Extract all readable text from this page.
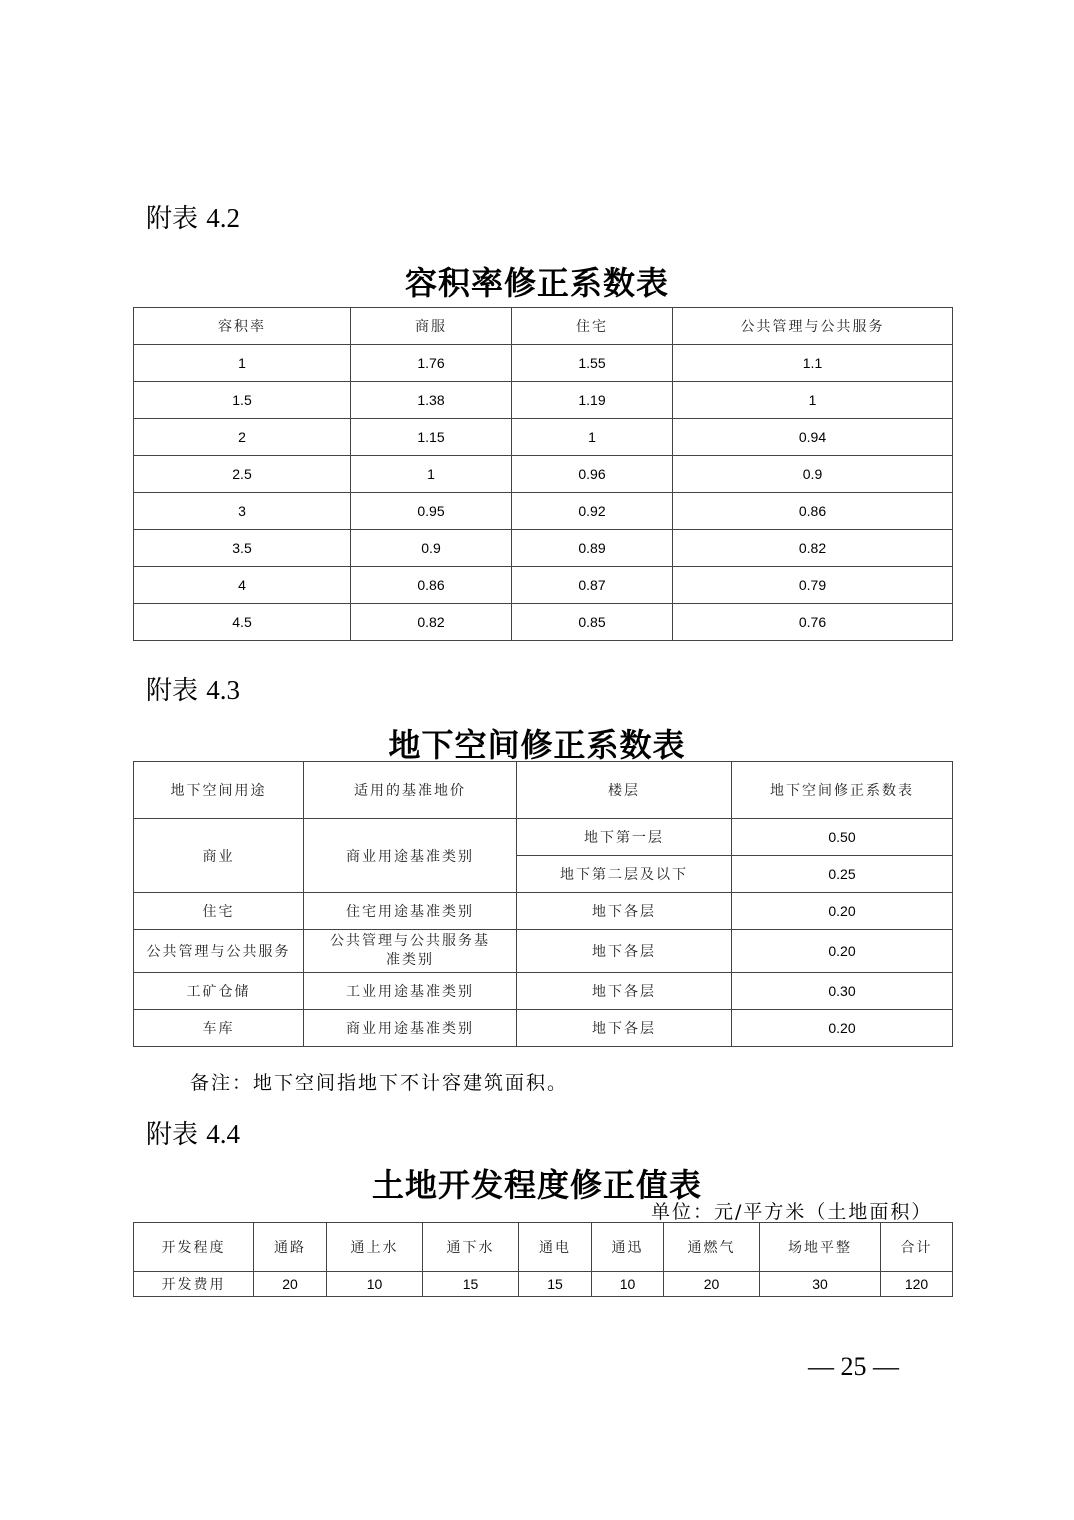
附表 4.2
容积率修正系数表
容积率	商服	住宅	公共管理与公共服务
1	1.76	1.55	1.1
1.5	1.38	1.19	1
2	1.15	1	0.94
2.5	1	0.96	0.9
3	0.95	0.92	0.86
3.5	0.9	0.89	0.82
4	0.86	0.87	0.79
4.5	0.82	0.85	0.76
附表 4.3
地下空间修正系数表
地下空间用途	适用的基准地价	楼层	地下空间修正系数表
商业	商业用途基准类别	地下第一层	0.50
		地下第二层及以下	0.25
住宅	住宅用途基准类别	地下各层	0.20
公共管理与公共服务	公共管理与公共服务基准类别	地下各层	0.20
工矿仓储	工业用途基准类别	地下各层	0.30
车库	商业用途基准类别	地下各层	0.20
备注：地下空间指地下不计容建筑面积。
附表 4.4
土地开发程度修正值表
单位：元/平方米（土地面积）
开发程度	通路	通上水	通下水	通电	通迅	通燃气	场地平整	合计
开发费用	20	10	15	15	10	20	30	120
— 25 —
